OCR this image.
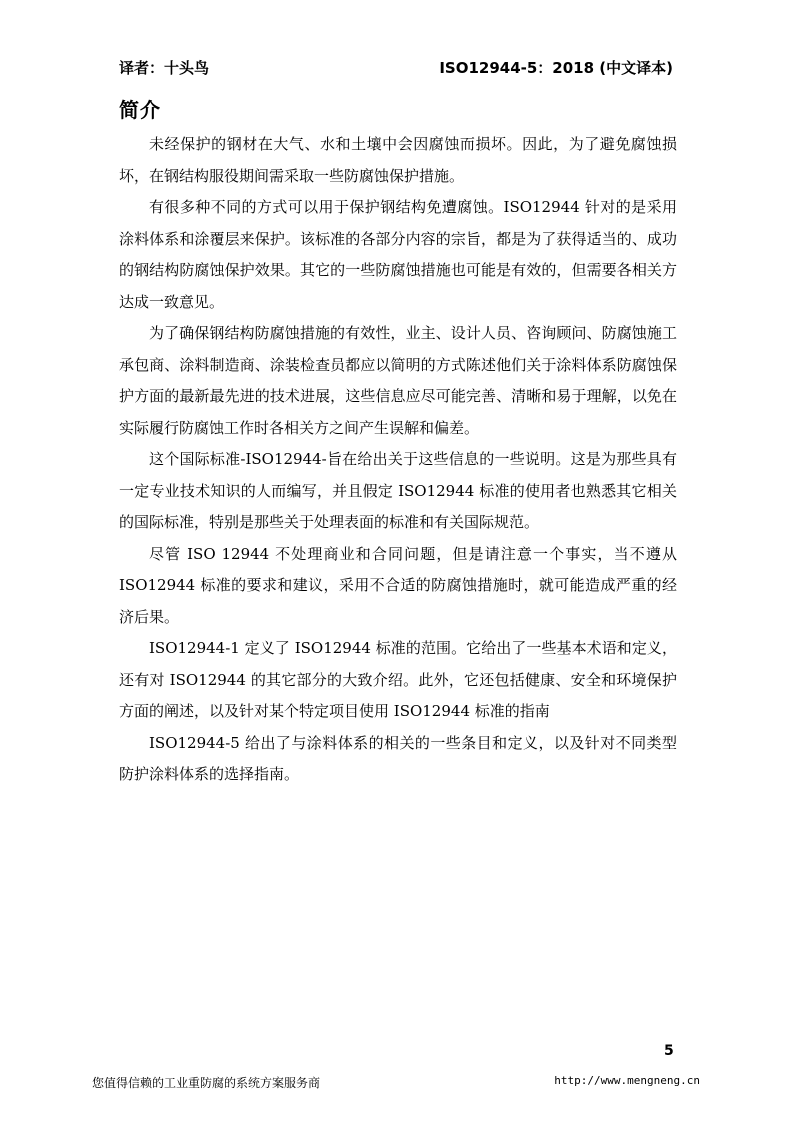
译者：十头鸟	ISO12944-5：2018 (中文译本)
简介

未经保护的钢材在大气、水和土壤中会因腐蚀而损坏。因此，为了避免腐蚀损坏，在钢结构服役期间需采取一些防腐蚀保护措施。

有很多种不同的方式可以用于保护钢结构免遭腐蚀。ISO12944 针对的是采用涂料体系和涂覆层来保护。该标准的各部分内容的宗旨，都是为了获得适当的、成功的钢结构防腐蚀保护效果。其它的一些防腐蚀措施也可能是有效的，但需要各相关方达成一致意见。

为了确保钢结构防腐蚀措施的有效性，业主、设计人员、咨询顾问、防腐蚀施工承包商、涂料制造商、涂装检查员都应以简明的方式陈述他们关于涂料体系防腐蚀保护方面的最新最先进的技术进展，这些信息应尽可能完善、清晰和易于理解，以免在实际履行防腐蚀工作时各相关方之间产生误解和偏差。

这个国际标准-ISO12944-旨在给出关于这些信息的一些说明。这是为那些具有一定专业技术知识的人而编写，并且假定 ISO12944 标准的使用者也熟悉其它相关的国际标准，特别是那些关于处理表面的标准和有关国际规范。

尽管 ISO 12944 不处理商业和合同问题，但是请注意一个事实，当不遵从 ISO12944 标准的要求和建议，采用不合适的防腐蚀措施时，就可能造成严重的经济后果。

ISO12944-1 定义了 ISO12944 标准的范围。它给出了一些基本术语和定义，还有对 ISO12944 的其它部分的大致介绍。此外，它还包括健康、安全和环境保护方面的阐述，以及针对某个特定项目使用 ISO12944 标准的指南

ISO12944-5 给出了与涂料体系的相关的一些条目和定义，以及针对不同类型防护涂料体系的选择指南。

5
您值得信赖的工业重防腐的系统方案服务商	http://www.mengneng.cn
